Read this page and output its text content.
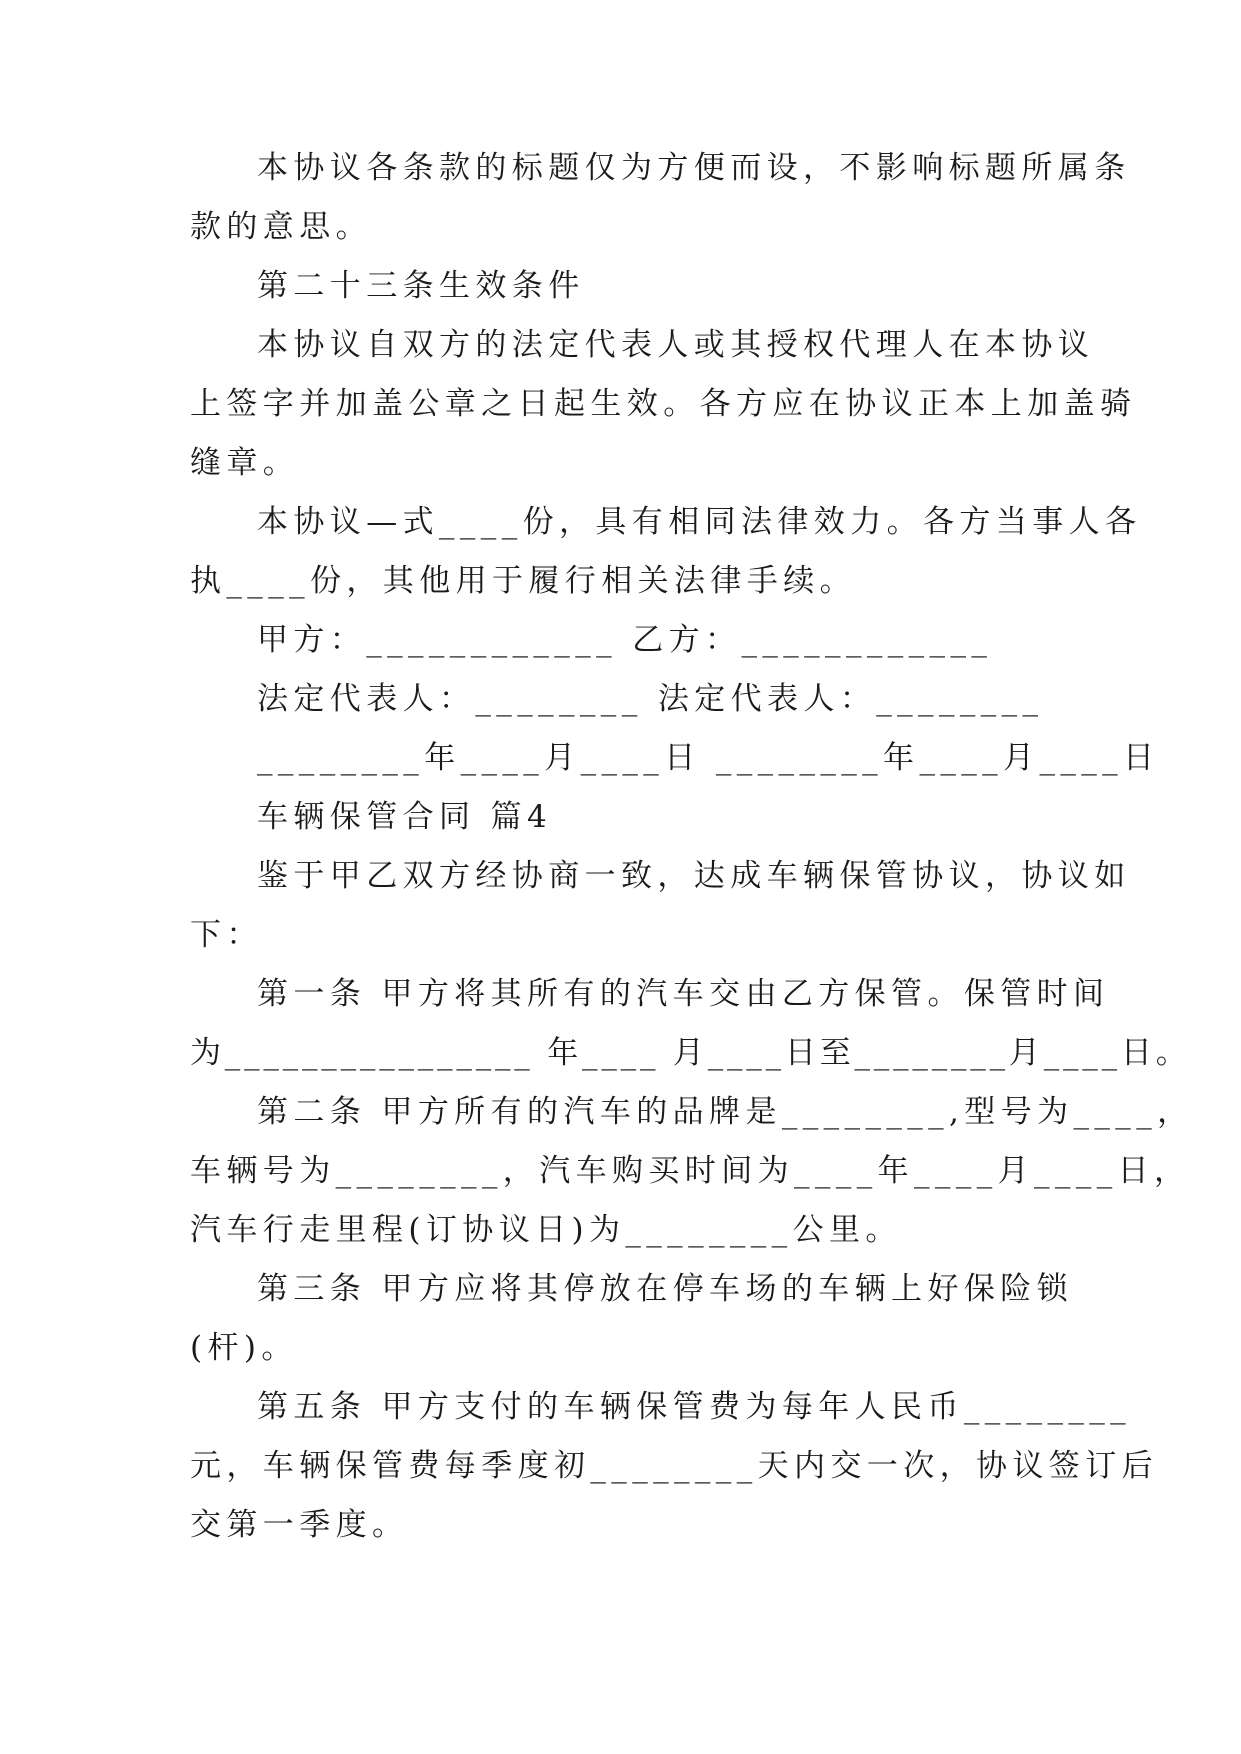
本协议各条款的标题仅为方便而设，不影响标题所属条
款的意思。
第二十三条生效条件
本协议自双方的法定代表人或其授权代理人在本协议
上签字并加盖公章之日起生效。各方应在协议正本上加盖骑
缝章。
本协议—式____份，具有相同法律效力。各方当事人各
执____份，其他用于履行相关法律手续。
甲方：____________ 乙方：____________
法定代表人：________ 法定代表人：________
________年____月____日 ________年____月____日
车辆保管合同 篇4
鉴于甲乙双方经协商一致，达成车辆保管协议，协议如
下：
第一条 甲方将其所有的汽车交由乙方保管。保管时间
为________________ 年____ 月____日至________月____日。
第二条 甲方所有的汽车的品牌是________,型号为____，
车辆号为________，汽车购买时间为____年____月____日，
汽车行走里程(订协议日)为________公里。
第三条 甲方应将其停放在停车场的车辆上好保险锁
(杆)。
第五条 甲方支付的车辆保管费为每年人民币________
元，车辆保管费每季度初________天内交一次，协议签订后
交第一季度。
